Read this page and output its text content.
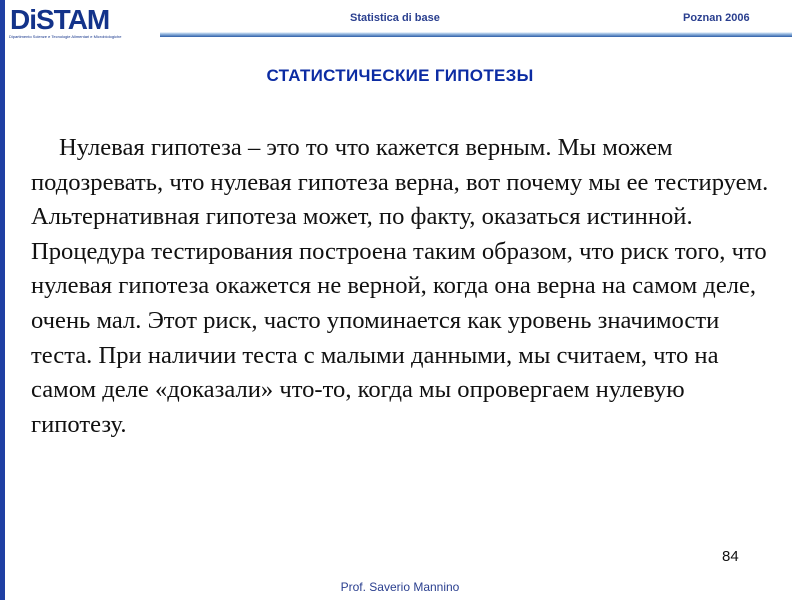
DiSTAM
Dipartimento Scienze e Tecnologie Alimentari e Microbiologiche
Statistica di base	Poznan 2006
СТАТИСТИЧЕСКИЕ ГИПОТЕЗЫ

Нулевая гипотеза – это то что кажется верным. Мы можем подозревать, что нулевая гипотеза верна, вот почему мы ее тестируем. Альтернативная гипотеза может, по факту, оказаться истинной. Процедура тестирования построена таким образом, что риск того, что нулевая гипотеза окажется не верной, когда она верна на самом деле, очень мал. Этот риск, часто упоминается как уровень значимости теста. При наличии теста с малыми данными, мы считаем, что на самом деле «доказали» что-то, когда мы опровергаем нулевую гипотезу.

84
Prof. Saverio Mannino
